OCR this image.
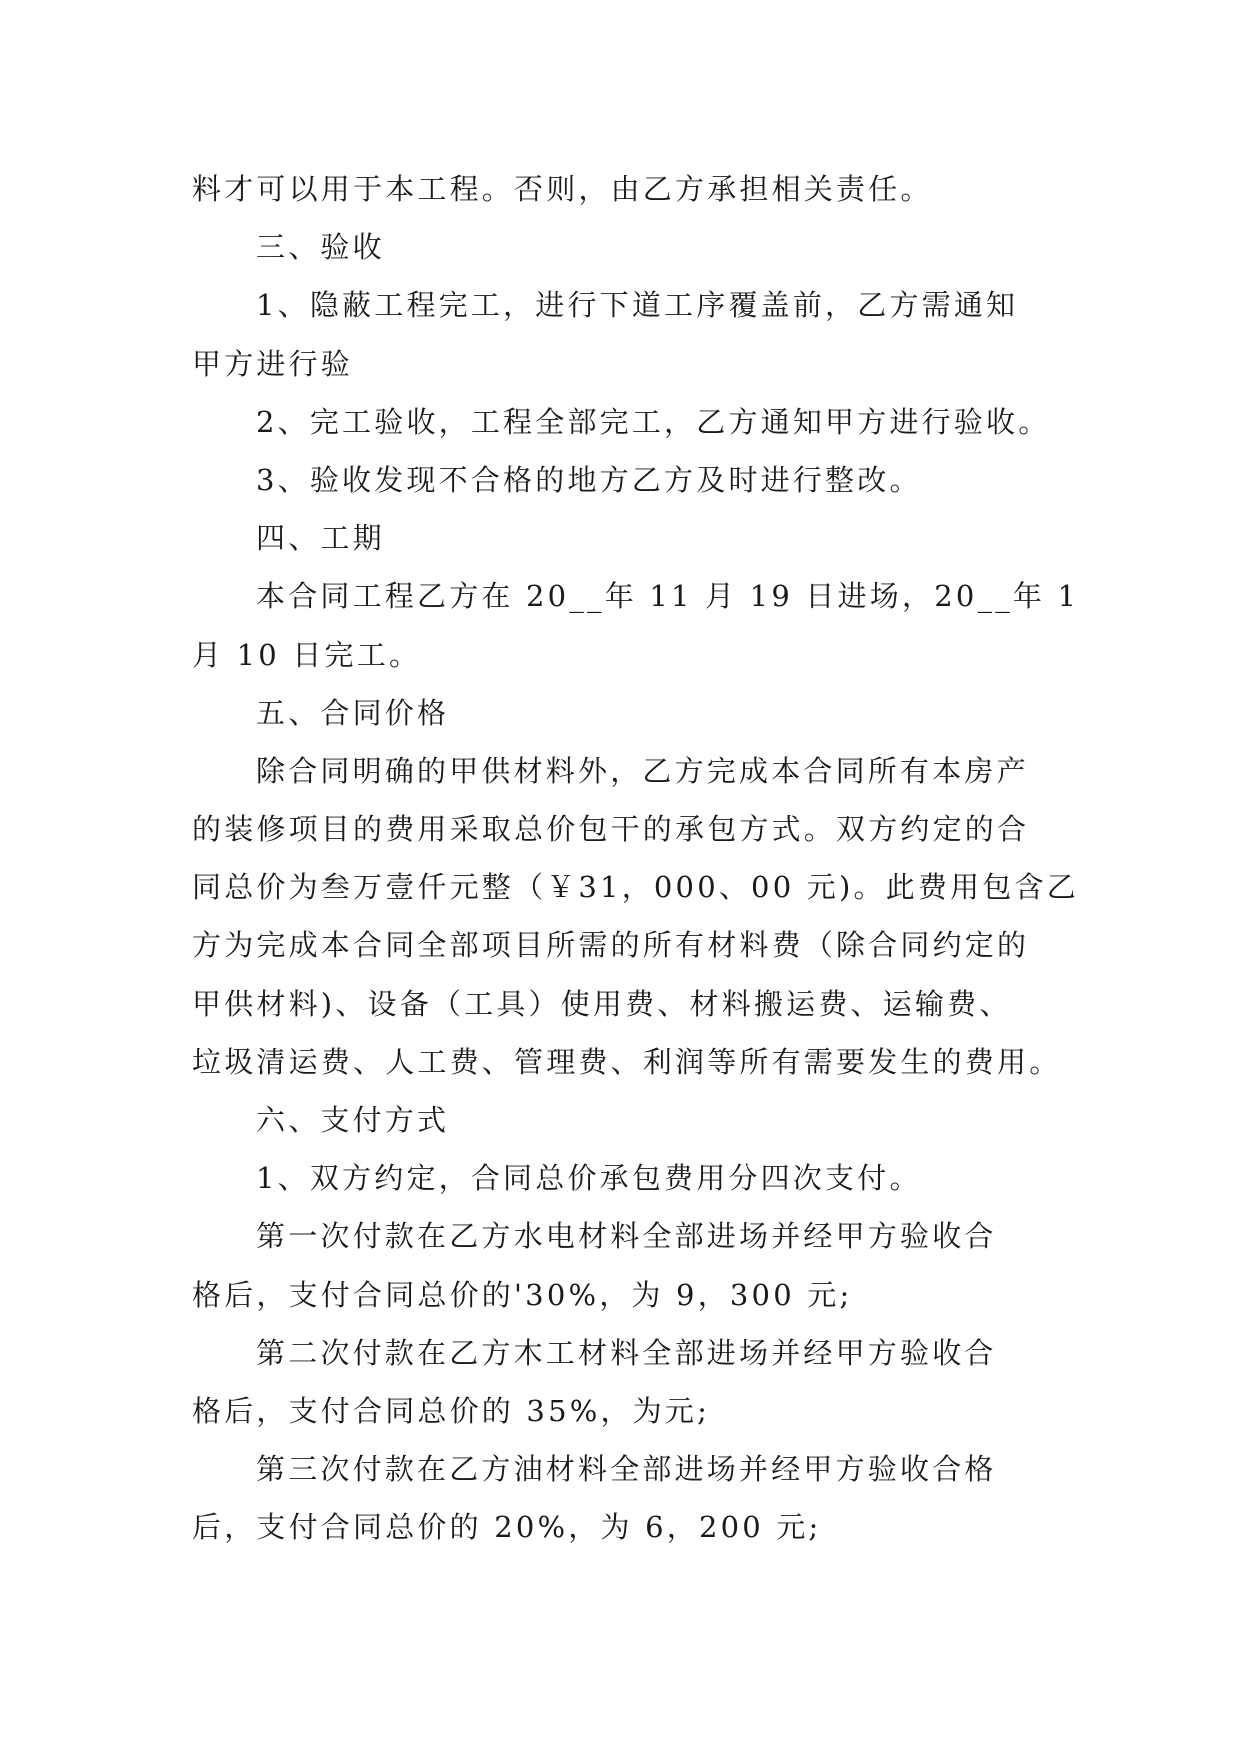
料才可以用于本工程。否则，由乙方承担相关责任。
三、验收
1、隐蔽工程完工，进行下道工序覆盖前，乙方需通知
甲方进行验
2、完工验收，工程全部完工，乙方通知甲方进行验收。
3、验收发现不合格的地方乙方及时进行整改。
四、工期
本合同工程乙方在 20__年 11 月 19 日进场，20__年 1
月 10 日完工。
五、合同价格
除合同明确的甲供材料外，乙方完成本合同所有本房产
的装修项目的费用采取总价包干的承包方式。双方约定的合
同总价为叁万壹仟元整（￥31，000、00 元)。此费用包含乙
方为完成本合同全部项目所需的所有材料费（除合同约定的
甲供材料)、设备（工具）使用费、材料搬运费、运输费、
垃圾清运费、人工费、管理费、利润等所有需要发生的费用。
六、支付方式
1、双方约定，合同总价承包费用分四次支付。
第一次付款在乙方水电材料全部进场并经甲方验收合
格后，支付合同总价的'30%，为 9，300 元;
第二次付款在乙方木工材料全部进场并经甲方验收合
格后，支付合同总价的 35%，为元;
第三次付款在乙方油材料全部进场并经甲方验收合格
后，支付合同总价的 20%，为 6，200 元;
